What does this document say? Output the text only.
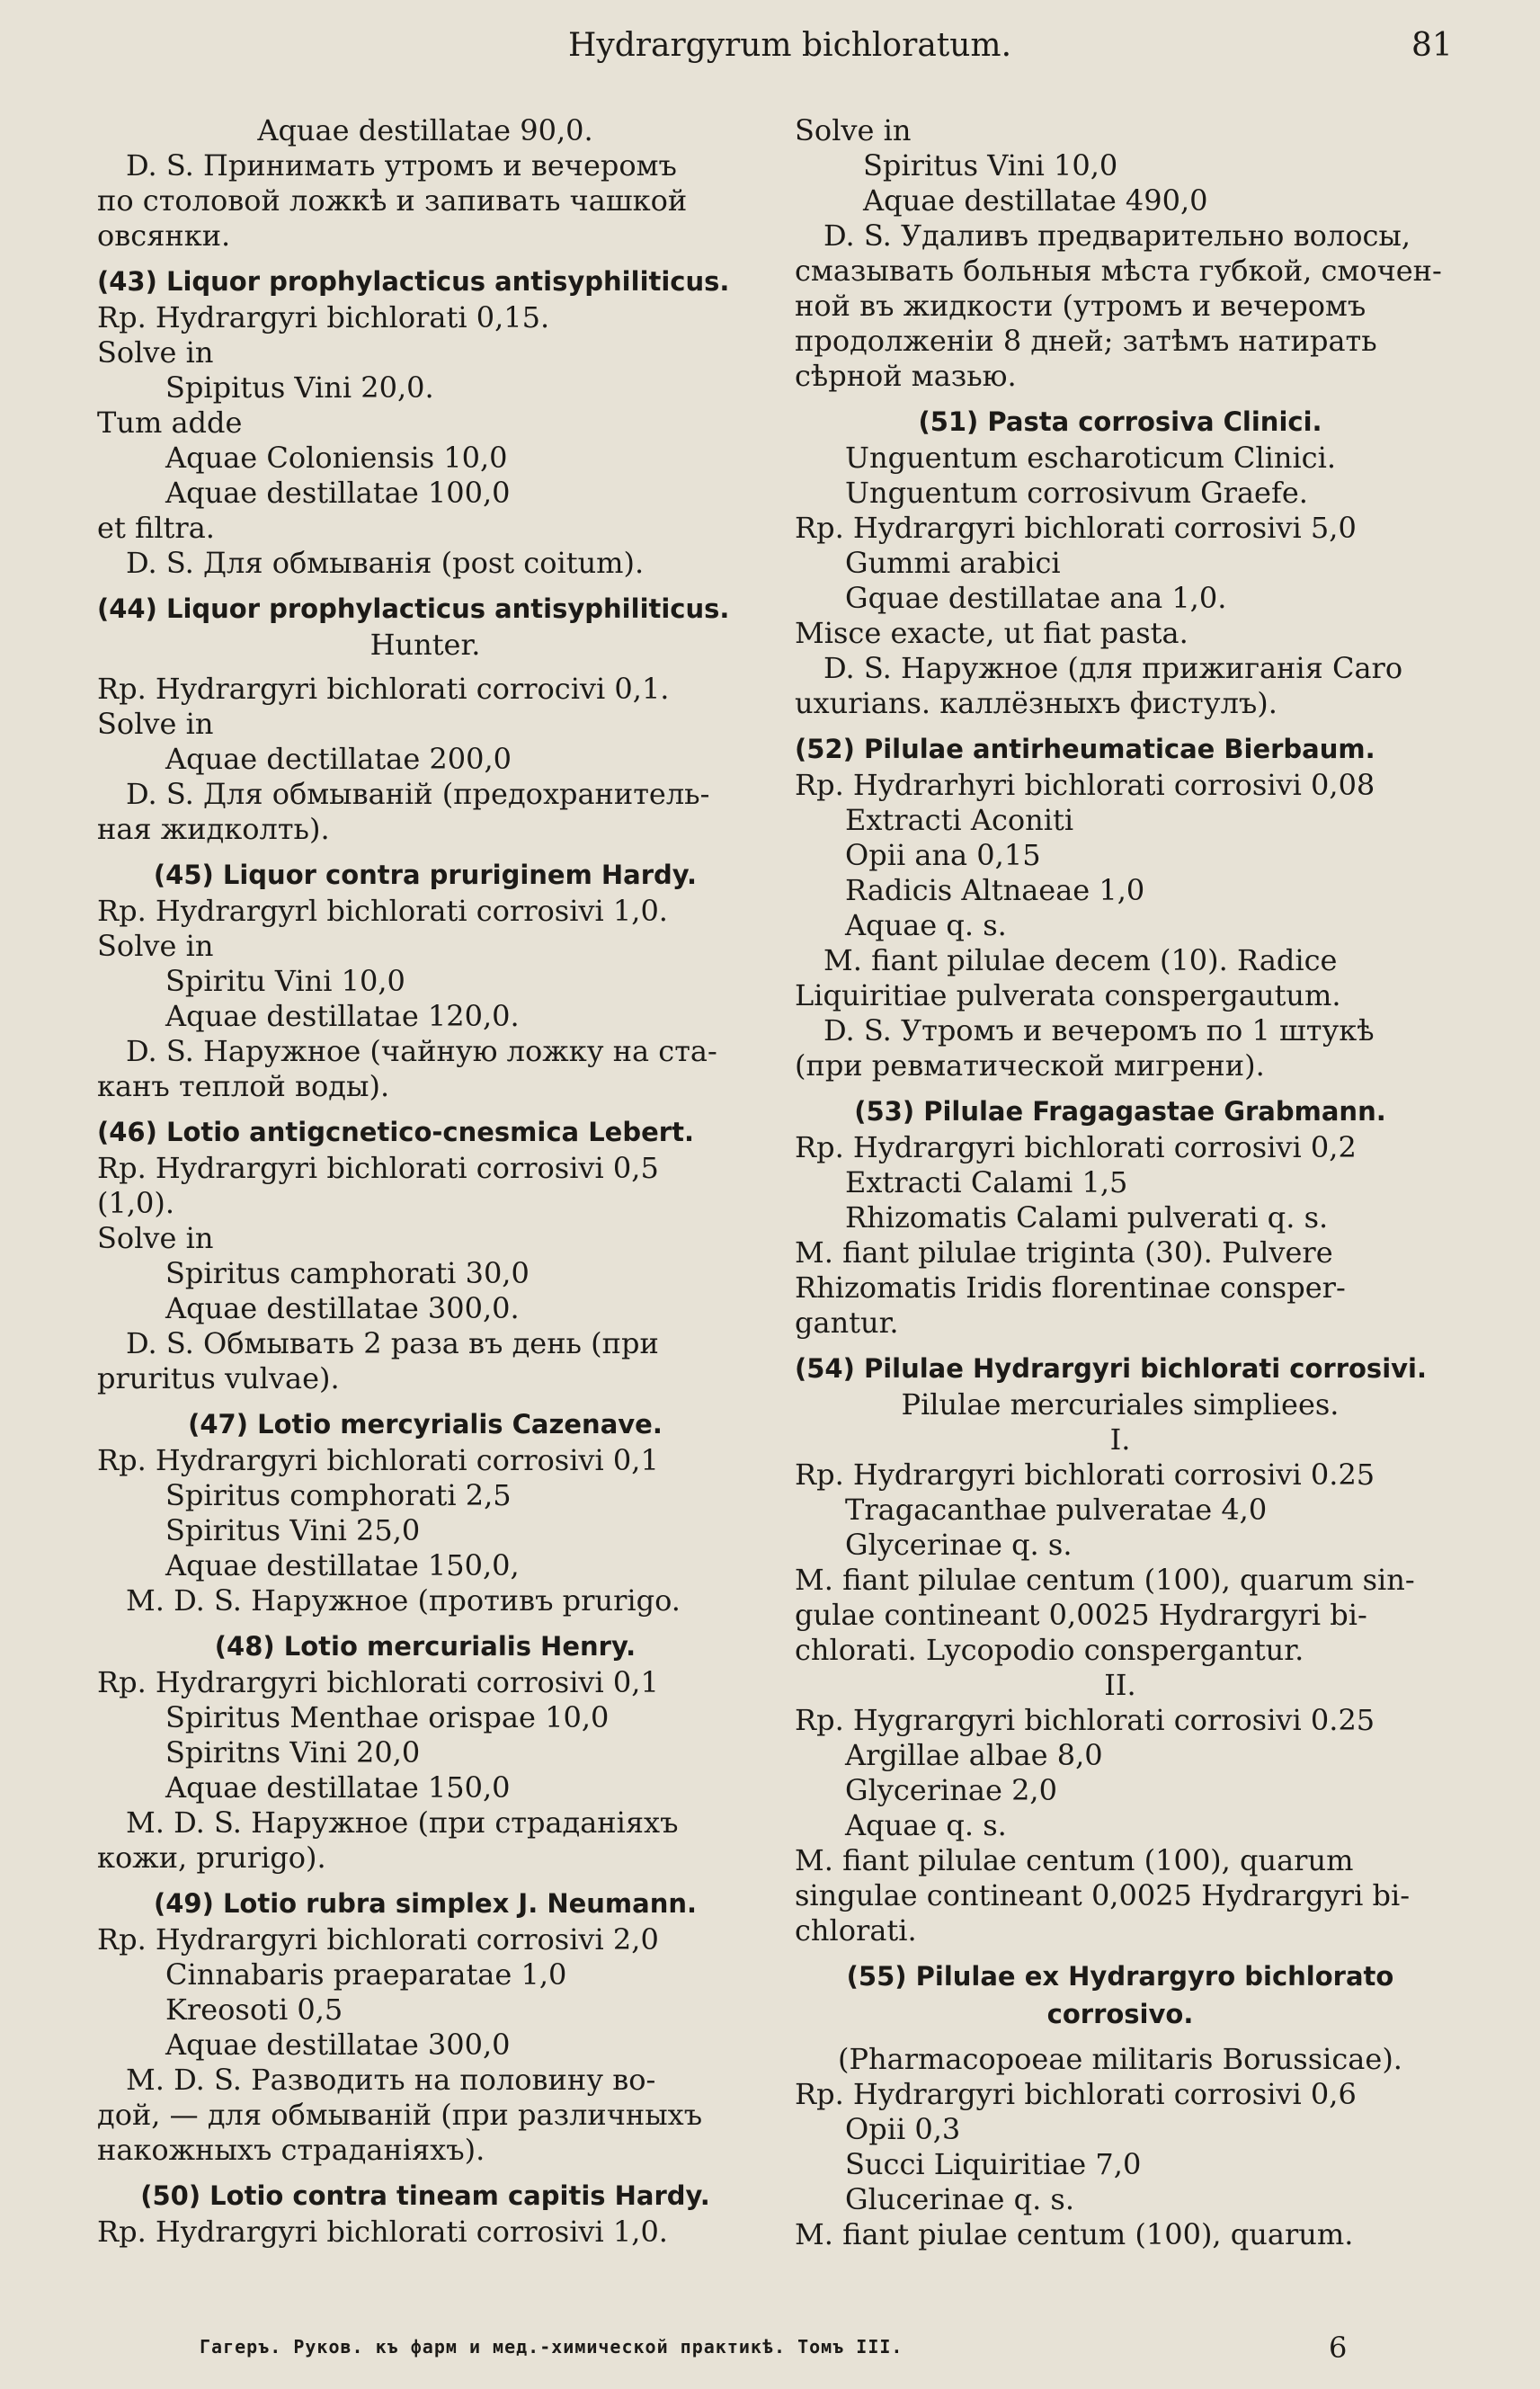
Hydrargyrum bichloratum.	81

Aquae destillatae 90,0.

D. S. Принимать утромъ и вечеромъ

по столовой ложкѣ и запивать чашкой

овсянки.

(43) Liquor prophylacticus antisyphiliticus.

Rp. Hydrargyri bichlorati 0,15.

Solve in

Spipitus Vini 20,0.

Tum adde

Aquae Coloniensis 10,0

Aquae destillatae 100,0

et filtra.

D. S. Для обмыванія (post coitum).

(44) Liquor prophylacticus antisyphiliticus.

Hunter.

Rp. Hydrargyri bichlorati corrocivi 0,1.

Solve in

Aquae dectillatae 200,0

D. S. Для обмываній (предохранитель-

ная жидколть).

(45) Liquor contra pruriginem Hardy.

Rp. Hydrargyrl bichlorati corrosivi 1,0.

Solve in

Spiritu Vini 10,0

Aquae destillatae 120,0.

D. S. Наружное (чайную ложку на ста-

канъ теплой воды).

(46) Lotio antigcnetico-cnesmica Lebert.

Rp. Hydrargyri bichlorati corrosivi 0,5

(1,0).

Solve in

Spiritus camphorati 30,0

Aquae destillatae 300,0.

D. S. Обмывать 2 раза въ день (при

pruritus vulvae).

(47) Lotio mercyrialis Cazenave.

Rp. Hydrargyri bichlorati corrosivi 0,1

Spiritus comphorati 2,5

Spiritus Vini 25,0

Aquae destillatae 150,0,

M. D. S. Наружное (противъ prurigo.

(48) Lotio mercurialis Henry.

Rp. Hydrargyri bichlorati corrosivi 0,1

Spiritus Menthae orispae 10,0

Spiritns Vini 20,0

Aquae destillatae 150,0

M. D. S. Наружное (при страданіяхъ

кожи, prurigo).

(49) Lotio rubra simplex J. Neumann.

Rp. Hydrargyri bichlorati corrosivi 2,0

Cinnabaris praeparatae 1,0

Kreosoti 0,5

Aquae destillatae 300,0

M. D. S. Разводить на половину во-

дой, — для обмываній (при различныхъ

накожныхъ страданіяхъ).

(50) Lotio contra tineam capitis Hardy.

Rp. Hydrargyri bichlorati corrosivi 1,0.

Solve in

Spiritus Vini 10,0

Aquae destillatae 490,0

D. S. Удаливъ предварительно волосы,

смазывать больныя мѣста губкой, смочен-

ной въ жидкости (утромъ и вечеромъ

продолженіи 8 дней; затѣмъ натирать

сѣрной мазью.

(51) Pasta corrosiva Clinici.

Unguentum escharoticum Clinici.

Unguentum corrosivum Graefe.

Rp. Hydrargyri bichlorati corrosivi 5,0

Gummi arabici

Gquae destillatae ana 1,0.

Misce exacte, ut fiat pasta.

D. S. Наружное (для прижиганія Caro

uxurians. каллёзныхъ фистулъ).

(52) Pilulae antirheumaticae Bierbaum.

Rp. Hydrarhyri bichlorati corrosivi 0,08

Extracti Aconiti

Opii ana 0,15

Radicis Altnaeae 1,0

Aquae q. s.

M. fiant pilulae decem (10). Radice

Liquiritiae pulverata conspergautum.

D. S. Утромъ и вечеромъ по 1 штукѣ

(при ревматической мигрени).

(53) Pilulae Fragagastae Grabmann.

Rp. Hydrargyri bichlorati corrosivi 0,2

Extracti Calami 1,5

Rhizomatis Calami pulverati q. s.

M. fiant pilulae triginta (30). Pulvere

Rhizomatis Iridis florentinae consper-

gantur.

(54) Pilulae Hydrargyri bichlorati corrosivi.

Pilulae mercuriales simpliees.

I.

Rp. Hydrargyri bichlorati corrosivi 0.25

Tragacanthae pulveratae 4,0

Glycerinae q. s.

M. fiant pilulae centum (100), quarum sin-

gulae contineant 0,0025 Hydrargyri bi-

chlorati. Lycopodio conspergantur.

II.

Rp. Hygrargyri bichlorati corrosivi 0.25

Argillae albae 8,0

Glycerinae 2,0

Aquae q. s.

M. fiant pilulae centum (100), quarum

singulae contineant 0,0025 Hydrargyri bi-

chlorati.

(55) Pilulae ex Hydrargyro bichlorato

corrosivo.

(Pharmacopoeae militaris Borussicae).

Rp. Hydrargyri bichlorati corrosivi 0,6

Opii 0,3

Succi Liquiritiae 7,0

Glucerinae q. s.

M. fiant piulae centum (100), quarum.

Гагеръ. Руков. къ фарм и мед.-химической практикѣ. Томъ III.	6
